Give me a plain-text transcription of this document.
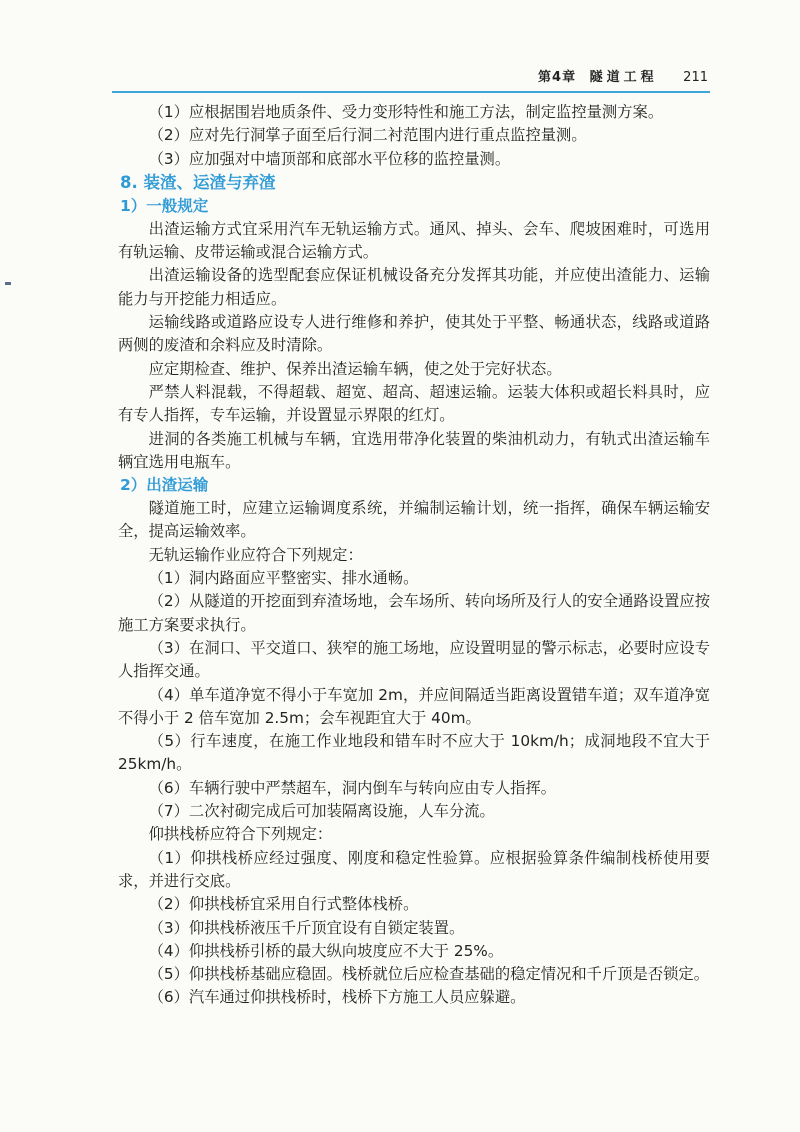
第4章 隧道工程 211

（1）应根据围岩地质条件、受力变形特性和施工方法，制定监控量测方案。

（2）应对先行洞掌子面至后行洞二衬范围内进行重点监控量测。

（3）应加强对中墙顶部和底部水平位移的监控量测。

8. 装渣、运渣与弃渣

1）一般规定

出渣运输方式宜采用汽车无轨运输方式。通风、掉头、会车、爬坡困难时，可选用有轨运输、皮带运输或混合运输方式。

出渣运输设备的选型配套应保证机械设备充分发挥其功能，并应使出渣能力、运输能力与开挖能力相适应。

运输线路或道路应设专人进行维修和养护，使其处于平整、畅通状态，线路或道路两侧的废渣和余料应及时清除。

应定期检查、维护、保养出渣运输车辆，使之处于完好状态。

严禁人料混载，不得超载、超宽、超高、超速运输。运装大体积或超长料具时，应有专人指挥，专车运输，并设置显示界限的红灯。

进洞的各类施工机械与车辆，宜选用带净化装置的柴油机动力，有轨式出渣运输车辆宜选用电瓶车。

2）出渣运输

隧道施工时，应建立运输调度系统，并编制运输计划，统一指挥，确保车辆运输安全，提高运输效率。

无轨运输作业应符合下列规定：

（1）洞内路面应平整密实、排水通畅。

（2）从隧道的开挖面到弃渣场地，会车场所、转向场所及行人的安全通路设置应按施工方案要求执行。

（3）在洞口、平交道口、狭窄的施工场地，应设置明显的警示标志，必要时应设专人指挥交通。

（4）单车道净宽不得小于车宽加 2m，并应间隔适当距离设置错车道；双车道净宽不得小于 2 倍车宽加 2.5m；会车视距宜大于 40m。

（5）行车速度，在施工作业地段和错车时不应大于 10km/h；成洞地段不宜大于 25km/h。

（6）车辆行驶中严禁超车，洞内倒车与转向应由专人指挥。

（7）二次衬砌完成后可加装隔离设施，人车分流。

仰拱栈桥应符合下列规定：

（1）仰拱栈桥应经过强度、刚度和稳定性验算。应根据验算条件编制栈桥使用要求，并进行交底。

（2）仰拱栈桥宜采用自行式整体栈桥。

（3）仰拱栈桥液压千斤顶宜设有自锁定装置。

（4）仰拱栈桥引桥的最大纵向坡度应不大于 25%。

（5）仰拱栈桥基础应稳固。栈桥就位后应检查基础的稳定情况和千斤顶是否锁定。

（6）汽车通过仰拱栈桥时，栈桥下方施工人员应躲避。
